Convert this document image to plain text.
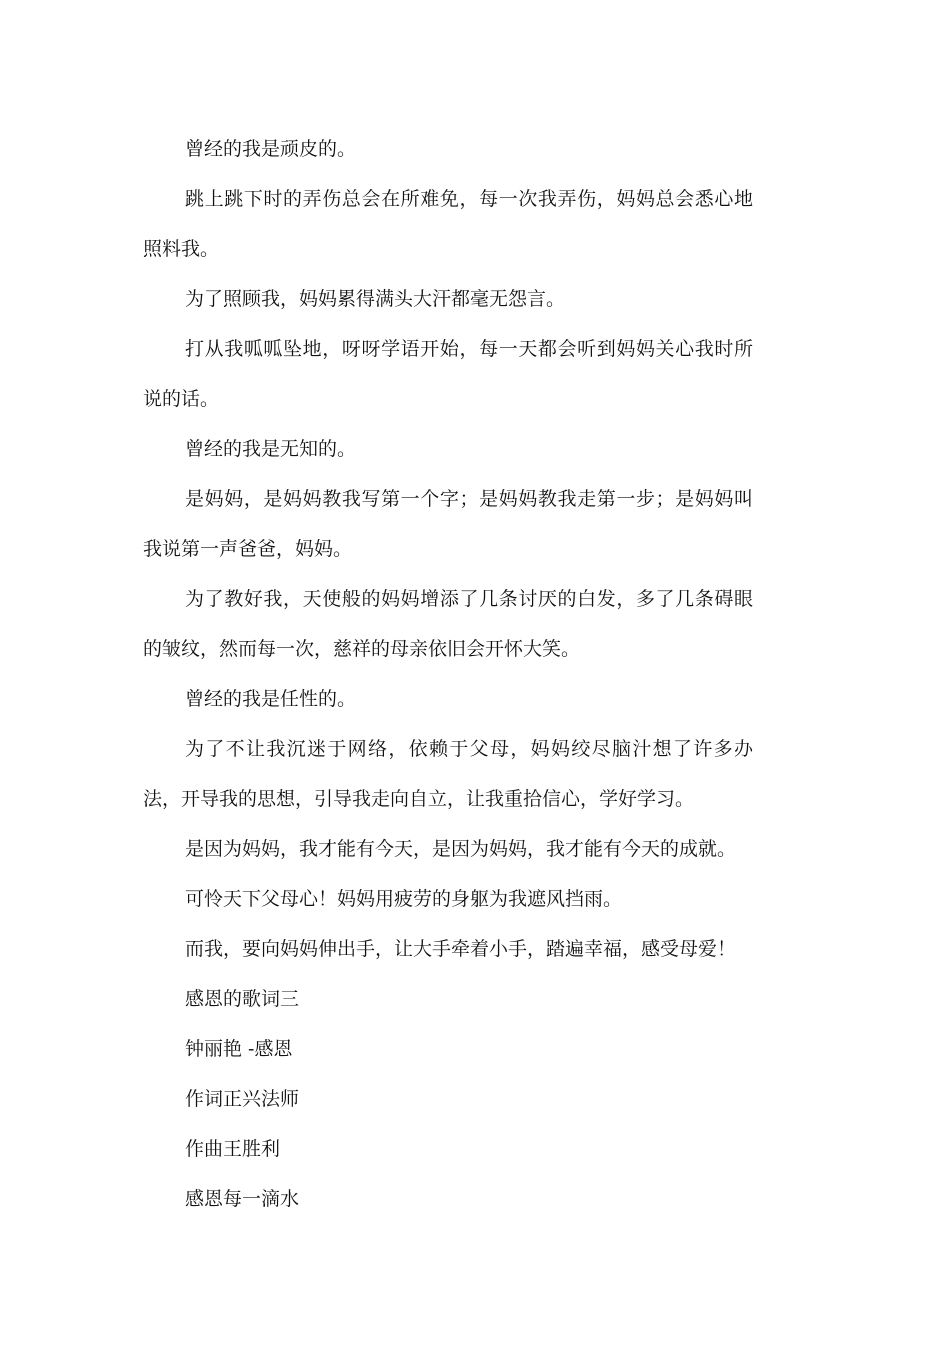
曾经的我是顽皮的。

跳上跳下时的弄伤总会在所难免，每一次我弄伤，妈妈总会悉心地照料我。

为了照顾我，妈妈累得满头大汗都毫无怨言。

打从我呱呱坠地，呀呀学语开始，每一天都会听到妈妈关心我时所说的话。

曾经的我是无知的。

是妈妈，是妈妈教我写第一个字；是妈妈教我走第一步；是妈妈叫我说第一声爸爸，妈妈。

为了教好我，天使般的妈妈增添了几条讨厌的白发，多了几条碍眼的皱纹，然而每一次，慈祥的母亲依旧会开怀大笑。

曾经的我是任性的。

为了不让我沉迷于网络，依赖于父母，妈妈绞尽脑汁想了许多办法，开导我的思想，引导我走向自立，让我重拾信心，学好学习。

是因为妈妈，我才能有今天，是因为妈妈，我才能有今天的成就。

可怜天下父母心！妈妈用疲劳的身躯为我遮风挡雨。

而我，要向妈妈伸出手，让大手牵着小手，踏遍幸福，感受母爱！

感恩的歌词三

钟丽艳 -感恩

作词正兴法师

作曲王胜利

感恩每一滴水
